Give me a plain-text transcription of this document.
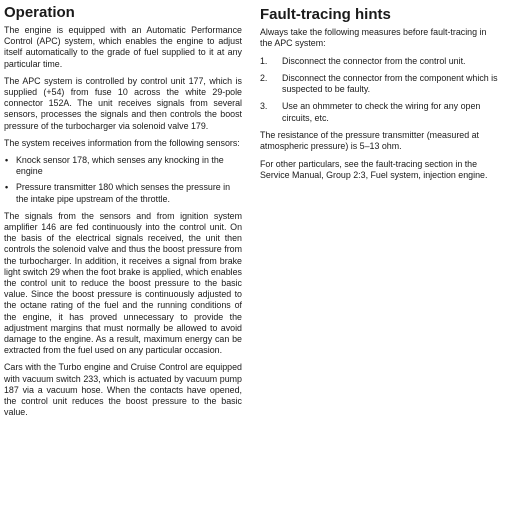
Operation

The engine is equipped with an Automatic Performance Control (APC) system, which enables the engine to adjust itself automatically to the grade of fuel supplied to it at any particular time.

The APC system is controlled by control unit 177, which is supplied (+54) from fuse 10 across the white 29-pole connector 152A. The unit receives signals from several sensors, processes the signals and then controls the boost pressure of the turbocharger via solenoid valve 179.

The system receives information from the following sensors:

• Knock sensor 178, which senses any knocking in the engine
• Pressure transmitter 180 which senses the pressure in the intake pipe upstream of the throttle.

The signals from the sensors and from ignition system amplifier 146 are fed continuously into the control unit. On the basis of the electrical signals received, the unit then controls the solenoid valve and thus the boost pressure from the turbocharger. In addition, it receives a signal from brake light switch 29 when the foot brake is applied, which enables the control unit to reduce the boost pressure to the basic value. Since the boost pressure is continuously adjusted to the octane rating of the fuel and the running conditions of the engine, it has proved unnecessary to provide the adjustment margins that must normally be allowed to avoid damage to the engine. As a result, maximum energy can be extracted from the fuel used on any particular occasion.

Cars with the Turbo engine and Cruise Control are equipped with vacuum switch 233, which is actuated by vacuum pump 187 via a vacuum hose. When the contacts have opened, the control unit reduces the boost pressure to the basic value.

Fault-tracing hints

Always take the following measures before fault-tracing in the APC system:

1. Disconnect the connector from the control unit.
2. Disconnect the connector from the component which is suspected to be faulty.
3. Use an ohmmeter to check the wiring for any open circuits, etc.

The resistance of the pressure transmitter (measured at atmospheric pressure) is 5–13 ohm.

For other particulars, see the fault-tracing section in the Service Manual, Group 2:3, Fuel system, injection engine.
